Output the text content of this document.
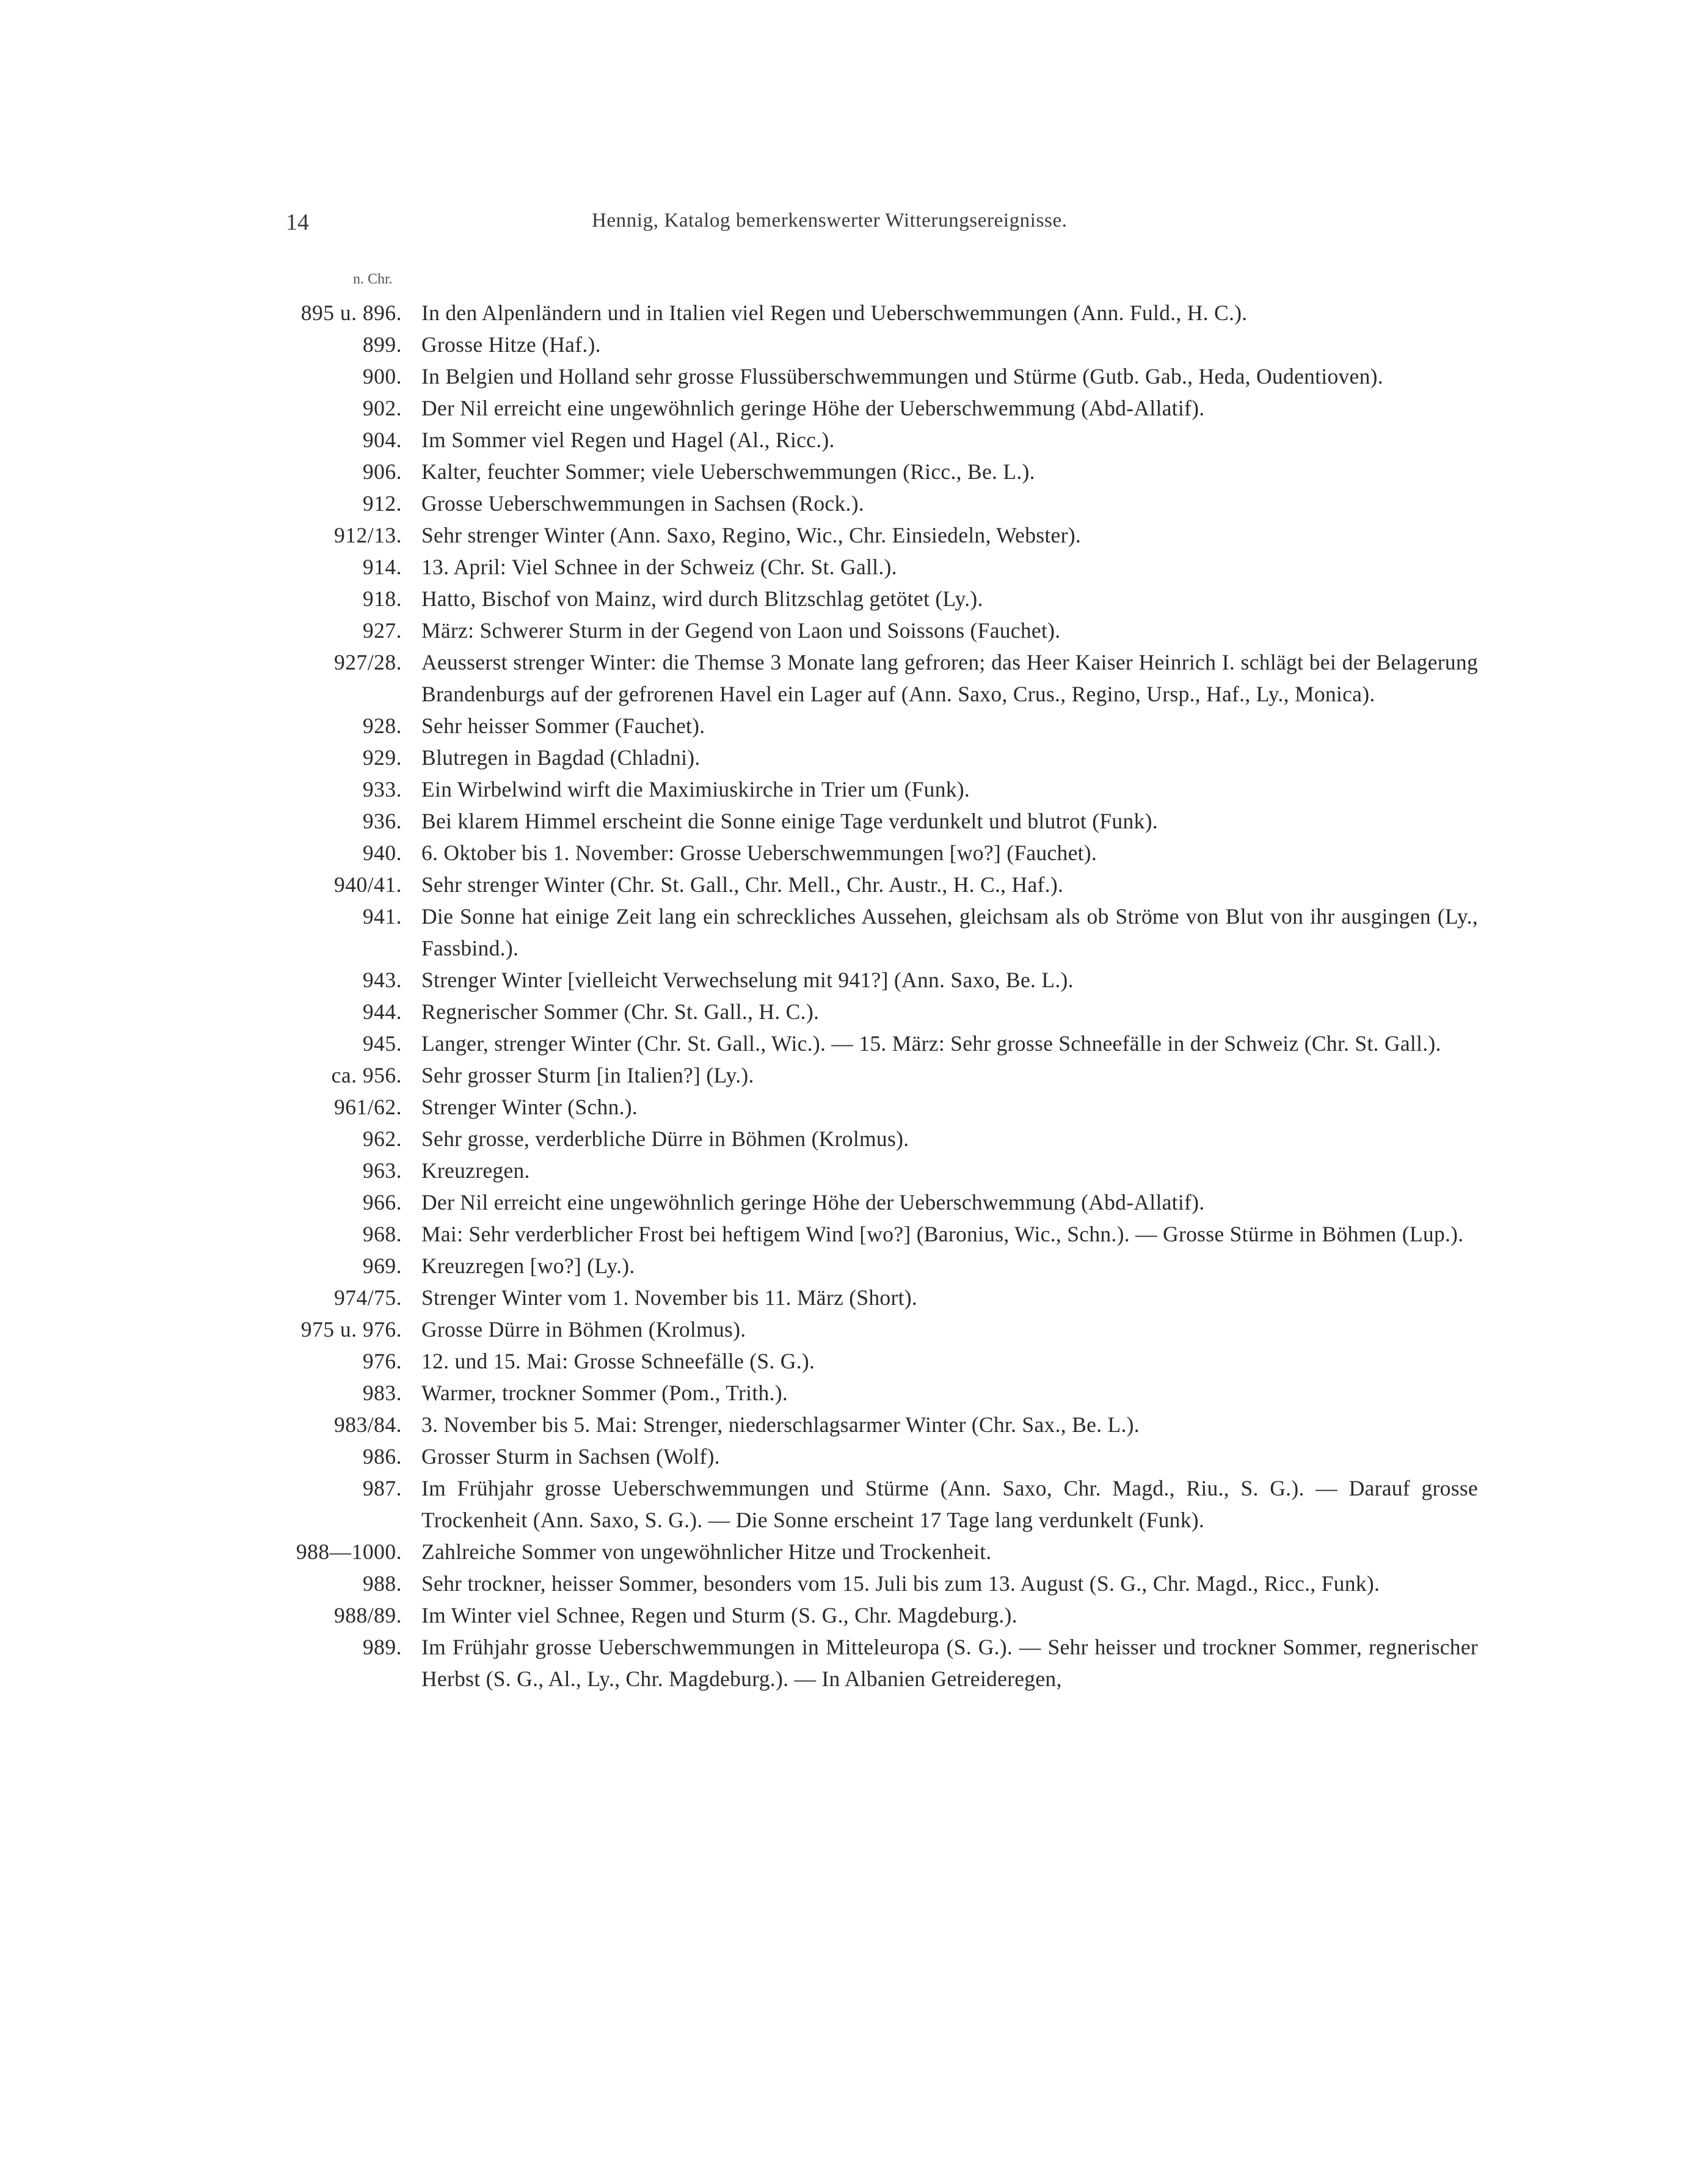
14	Hennig, Katalog bemerkenswerter Witterungsereignisse.
n. Chr.
895 u. 896. In den Alpenländern und in Italien viel Regen und Ueberschwemmungen (Ann. Fuld., H. C.).
899. Grosse Hitze (Haf.).
900. In Belgien und Holland sehr grosse Flussüberschwemmungen und Stürme (Gutb. Gab., Heda, Oudentioven).
902. Der Nil erreicht eine ungewöhnlich geringe Höhe der Ueberschwemmung (Abd-Allatif).
904. Im Sommer viel Regen und Hagel (Al., Ricc.).
906. Kalter, feuchter Sommer; viele Ueberschwemmungen (Ricc., Be. L.).
912. Grosse Ueberschwemmungen in Sachsen (Rock.).
912/13. Sehr strenger Winter (Ann. Saxo, Regino, Wic., Chr. Einsiedeln, Webster).
914. 13. April: Viel Schnee in der Schweiz (Chr. St. Gall.).
918. Hatto, Bischof von Mainz, wird durch Blitzschlag getötet (Ly.).
927. März: Schwerer Sturm in der Gegend von Laon und Soissons (Fauchet).
927/28. Aeusserst strenger Winter: die Themse 3 Monate lang gefroren; das Heer Kaiser Heinrich I. schlägt bei der Belagerung Brandenburgs auf der gefrorenen Havel ein Lager auf (Ann. Saxo, Crus., Regino, Ursp., Haf., Ly., Monica).
928. Sehr heisser Sommer (Fauchet).
929. Blutregen in Bagdad (Chladni).
933. Ein Wirbelwind wirft die Maximiuskirche in Trier um (Funk).
936. Bei klarem Himmel erscheint die Sonne einige Tage verdunkelt und blutrot (Funk).
940. 6. Oktober bis 1. November: Grosse Ueberschwemmungen [wo?] (Fauchet).
940/41. Sehr strenger Winter (Chr. St. Gall., Chr. Mell., Chr. Austr., H. C., Haf.).
941. Die Sonne hat einige Zeit lang ein schreckliches Aussehen, gleichsam als ob Ströme von Blut von ihr ausgingen (Ly., Fassbind.).
943. Strenger Winter [vielleicht Verwechselung mit 941?] (Ann. Saxo, Be. L.).
944. Regnerischer Sommer (Chr. St. Gall., H. C.).
945. Langer, strenger Winter (Chr. St. Gall., Wic.). — 15. März: Sehr grosse Schneefälle in der Schweiz (Chr. St. Gall.).
ca. 956. Sehr grosser Sturm [in Italien?] (Ly.).
961/62. Strenger Winter (Schn.).
962. Sehr grosse, verderbliche Dürre in Böhmen (Krolmus).
963. Kreuzregen.
966. Der Nil erreicht eine ungewöhnlich geringe Höhe der Ueberschwemmung (Abd-Allatif).
968. Mai: Sehr verderblicher Frost bei heftigem Wind [wo?] (Baronius, Wic., Schn.). — Grosse Stürme in Böhmen (Lup.).
969. Kreuzregen [wo?] (Ly.).
974/75. Strenger Winter vom 1. November bis 11. März (Short).
975 u. 976. Grosse Dürre in Böhmen (Krolmus).
976. 12. und 15. Mai: Grosse Schneefälle (S. G.).
983. Warmer, trockner Sommer (Pom., Trith.).
983/84. 3. November bis 5. Mai: Strenger, niederschlagsarmer Winter (Chr. Sax., Be. L.).
986. Grosser Sturm in Sachsen (Wolf).
987. Im Frühjahr grosse Ueberschwemmungen und Stürme (Ann. Saxo, Chr. Magd., Riu., S. G.). — Darauf grosse Trockenheit (Ann. Saxo, S. G.). — Die Sonne erscheint 17 Tage lang verdunkelt (Funk).
988—1000. Zahlreiche Sommer von ungewöhnlicher Hitze und Trockenheit.
988. Sehr trockner, heisser Sommer, besonders vom 15. Juli bis zum 13. August (S. G., Chr. Magd., Ricc., Funk).
988/89. Im Winter viel Schnee, Regen und Sturm (S. G., Chr. Magdeburg.).
989. Im Frühjahr grosse Ueberschwemmungen in Mitteleuropa (S. G.). — Sehr heisser und trockner Sommer, regnerischer Herbst (S. G., Al., Ly., Chr. Magdeburg.). — In Albanien Getreideregen,
